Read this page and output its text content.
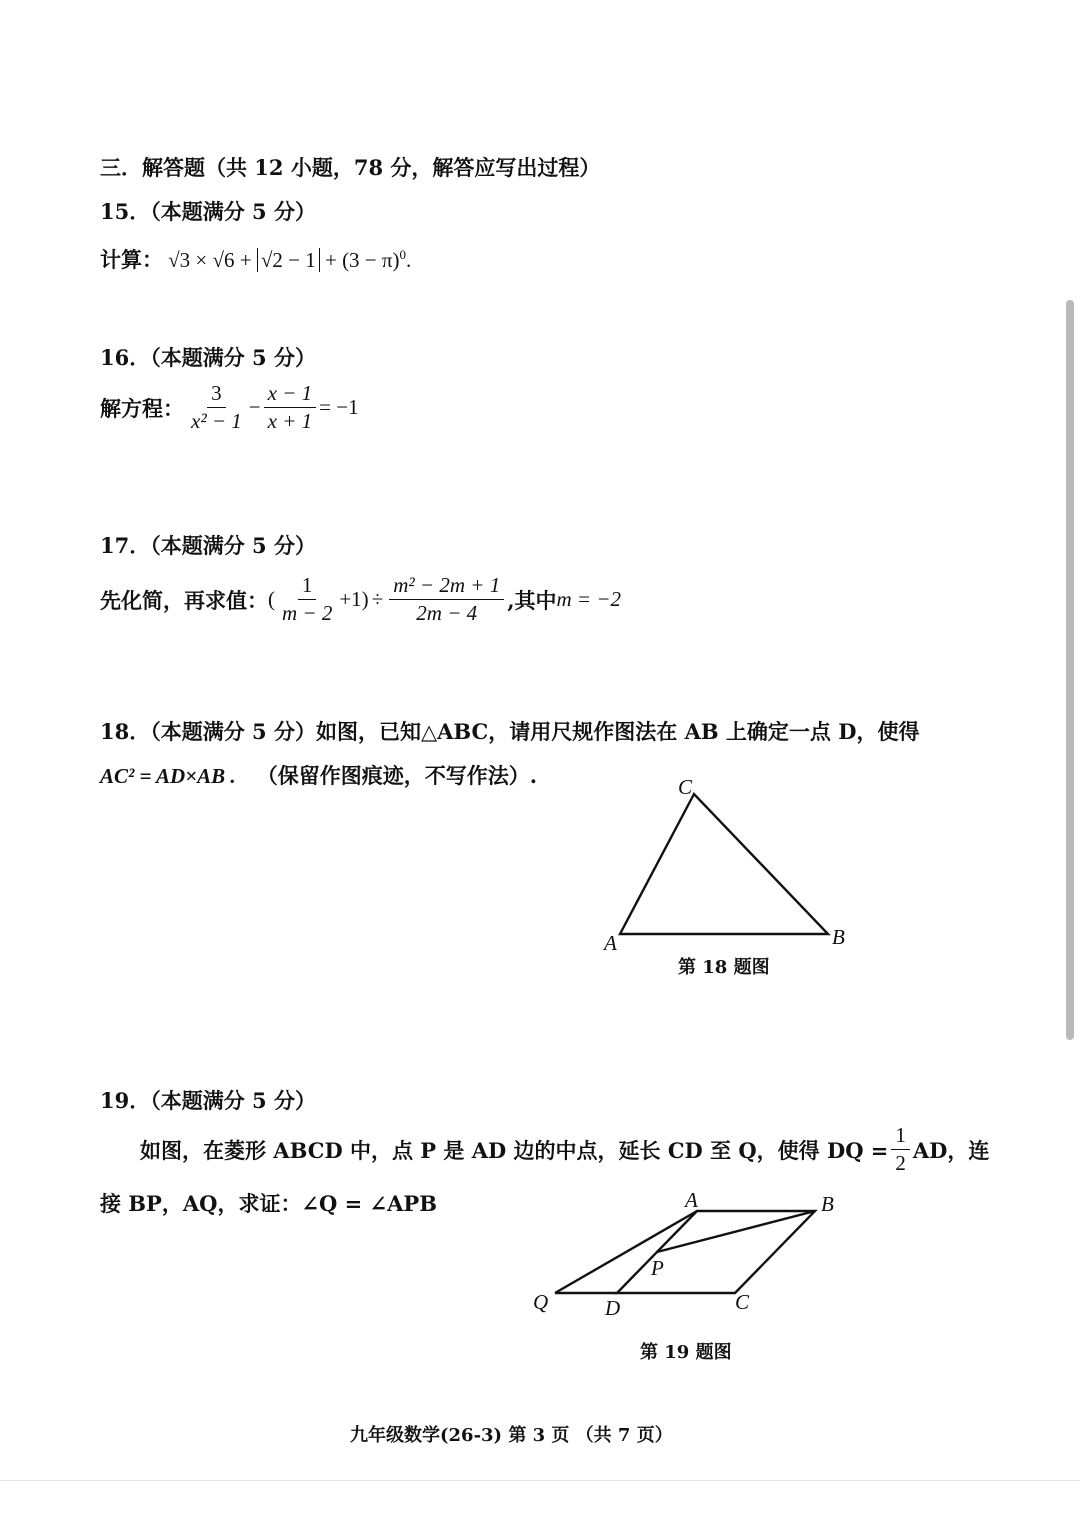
三．解答题（共 12 小题，78 分，解答应写出过程）
15．（本题满分 5 分）
计算： $√3 \times √6 + √2 - 1 + (3 - \pi)^0$.
16．（本题满分 5 分）
解方程： $\frac{3}{\text{x² − 1}} - \frac{x - 1}{x + 1} = -1$
17．（本题满分 5 分）
先化简，再求值： ( $\frac{1}{m - 2} +1) \div \frac{\text{m² − 2m + 1}}{2m - 4}$ ,其中 m = −2
18．（本题满分 5 分）如图，已知△ABC，请用尺规作图法在 AB 上确定一点 D，使得
AC² = AD×AB . （保留作图痕迹，不写作法）.	C
A	B
第 18 题图
19．（本题满分 5 分）
如图，在菱形 ABCD 中，点 P 是 AD 边的中点，延长 CD 至 Q，使得 DQ = $\frac{1}{2}$ AD，连
接 BP，AQ，求证：∠Q = ∠APB	A	B
C
D
P
Q
第 19 题图
九年级数学(26-3) 第 3 页 （共 7 页）
